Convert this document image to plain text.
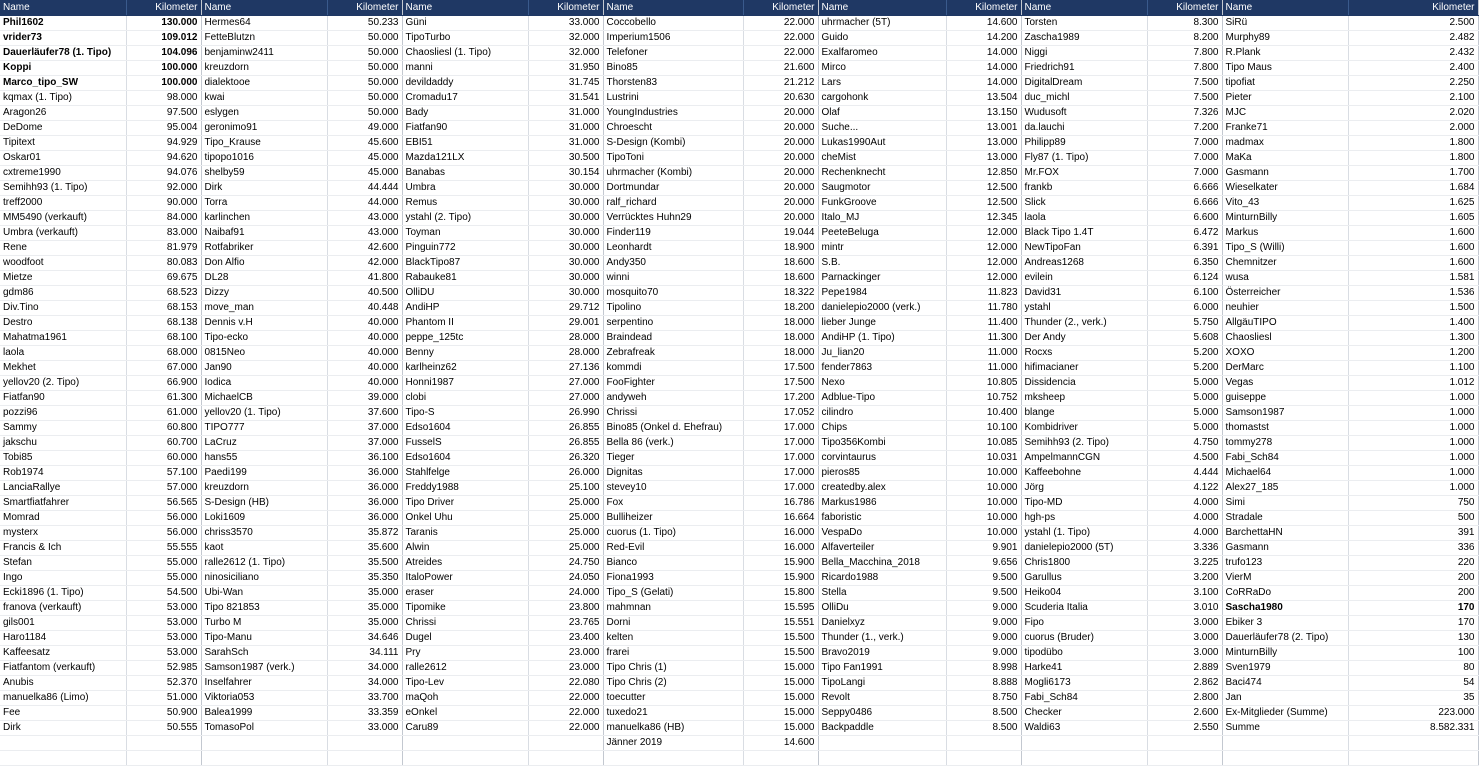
Name	Kilometer	Name	Kilometer	Name	Kilometer	Name	Kilometer	Name	Kilometer	Name	Kilometer	Name	Kilometer
Phil1602	130.000	Hermes64	50.233	Güni	33.000	Coccobello	22.000	uhrmacher (5T)	14.600	Torsten	8.300	SiRü	2.500
vrider73	109.012	FetteBlutzn	50.000	TipoTurbo	32.000	Imperium1506	22.000	Guido	14.200	Zascha1989	8.200	Murphy89	2.482
Dauerläufer78 (1. Tipo)	104.096	benjaminw2411	50.000	Chaosliesl (1. Tipo)	32.000	Telefoner	22.000	Exalfaromeo	14.000	Niggi	7.800	R.Plank	2.432
Koppi	100.000	kreuzdorn	50.000	manni	31.950	Bino85	21.600	Mirco	14.000	Friedrich91	7.800	Tipo Maus	2.400
Marco_tipo_SW	100.000	dialektooe	50.000	devildaddy	31.745	Thorsten83	21.212	Lars	14.000	DigitalDream	7.500	tipofiat	2.250
kqmax (1. Tipo)	98.000	kwai	50.000	Cromadu17	31.541	Lustrini	20.630	cargohonk	13.504	duc_michl	7.500	Pieter	2.100
Aragon26	97.500	eslygen	50.000	Bady	31.000	YoungIndustries	20.000	Olaf	13.150	Wudusoft	7.326	MJC	2.020
DeDome	95.004	geronimo91	49.000	Fiatfan90	31.000	Chroescht	20.000	Suche...	13.001	da.lauchi	7.200	Franke71	2.000
Tipitext	94.929	Tipo_Krause	45.600	EBI51	31.000	S-Design (Kombi)	20.000	Lukas1990Aut	13.000	Philipp89	7.000	madmax	1.800
Oskar01	94.620	tipopo1016	45.000	Mazda121LX	30.500	TipoToni	20.000	cheMist	13.000	Fly87 (1. Tipo)	7.000	MaKa	1.800
cxtreme1990	94.076	shelby59	45.000	Banabas	30.154	uhrmacher (Kombi)	20.000	Rechenknecht	12.850	Mr.FOX	7.000	Gasmann	1.700
Semihh93 (1. Tipo)	92.000	Dirk	44.444	Umbra	30.000	Dortmundar	20.000	Saugmotor	12.500	frankb	6.666	Wieselkater	1.684
treff2000	90.000	Torra	44.000	Remus	30.000	ralf_richard	20.000	FunkGroove	12.500	Slick	6.666	Vito_43	1.625
MM5490 (verkauft)	84.000	karlinchen	43.000	ystahl (2. Tipo)	30.000	Verrücktes Huhn29	20.000	Italo_MJ	12.345	laola	6.600	MinturnBilly	1.605
Umbra (verkauft)	83.000	Naibaf91	43.000	Toyman	30.000	Finder119	19.044	PeeteBeluga	12.000	Black Tipo 1.4T	6.472	Markus	1.600
Rene	81.979	Rotfabriker	42.600	Pinguin772	30.000	Leonhardt	18.900	mintr	12.000	NewTipoFan	6.391	Tipo_S (Willi)	1.600
woodfoot	80.083	Don Alfio	42.000	BlackTipo87	30.000	Andy350	18.600	S.B.	12.000	Andreas1268	6.350	Chemnitzer	1.600
Mietze	69.675	DL28	41.800	Rabauke81	30.000	winni	18.600	Parnackinger	12.000	evilein	6.124	wusa	1.581
gdm86	68.523	Dizzy	40.500	OlliDU	30.000	mosquito70	18.322	Pepe1984	11.823	David31	6.100	Österreicher	1.536
Div.Tino	68.153	move_man	40.448	AndiHP	29.712	Tipolino	18.200	danielepio2000 (verk.)	11.780	ystahl	6.000	neuhier	1.500
Destro	68.138	Dennis v.H	40.000	Phantom II	29.001	serpentino	18.000	lieber Junge	11.400	Thunder (2., verk.)	5.750	AllgäuTIPO	1.400
Mahatma1961	68.100	Tipo-ecko	40.000	peppe_125tc	28.000	Braindead	18.000	AndiHP (1. Tipo)	11.300	Der Andy	5.608	Chaosliesl	1.300
laola	68.000	0815Neo	40.000	Benny	28.000	Zebrafreak	18.000	Ju_lian20	11.000	Rocxs	5.200	XOXO	1.200
Mekhet	67.000	Jan90	40.000	karlheinz62	27.136	kommdi	17.500	fender7863	11.000	hifimacianer	5.200	DerMarc	1.100
yellov20 (2. Tipo)	66.900	Iodica	40.000	Honni1987	27.000	FooFighter	17.500	Nexo	10.805	Dissidencia	5.000	Vegas	1.012
Fiatfan90	61.300	MichaelCB	39.000	clobi	27.000	andyweh	17.200	Adblue-Tipo	10.752	mksheep	5.000	guiseppe	1.000
pozzi96	61.000	yellov20 (1. Tipo)	37.600	Tipo-S	26.990	Chrissi	17.052	cilindro	10.400	blange	5.000	Samson1987	1.000
Sammy	60.800	TIPO777	37.000	Edso1604	26.855	Bino85 (Onkel d. Ehefrau)	17.000	Chips	10.100	Kombidriver	5.000	thomastst	1.000
jakschu	60.700	LaCruz	37.000	FusselS	26.855	Bella 86 (verk.)	17.000	Tipo356Kombi	10.085	Semihh93 (2. Tipo)	4.750	tommy278	1.000
Tobi85	60.000	hans55	36.100	Edso1604	26.320	Tieger	17.000	corvintaurus	10.031	AmpelmannCGN	4.500	Fabi_Sch84	1.000
Rob1974	57.100	Paedi199	36.000	Stahlfelge	26.000	Dignitas	17.000	pieros85	10.000	Kaffeebohne	4.444	Michael64	1.000
LanciaRallye	57.000	kreuzdorn	36.000	Freddy1988	25.100	stevey10	17.000	createdby.alex	10.000	Jörg	4.122	Alex27_185	1.000
Smartfiatfahrer	56.565	S-Design (HB)	36.000	Tipo Driver	25.000	Fox	16.786	Markus1986	10.000	Tipo-MD	4.000	Simi	750
Momrad	56.000	Loki1609	36.000	Onkel Uhu	25.000	Bulliheizer	16.664	faboristic	10.000	hgh-ps	4.000	Stradale	500
mysterx	56.000	chriss3570	35.872	Taranis	25.000	cuorus (1. Tipo)	16.000	VespaDo	10.000	ystahl (1. Tipo)	4.000	BarchettaHN	391
Francis & Ich	55.555	kaot	35.600	Alwin	25.000	Red-Evil	16.000	Alfaverteiler	9.901	danielepio2000 (5T)	3.336	Gasmann	336
Stefan	55.000	ralle2612 (1. Tipo)	35.500	Atreides	24.750	Bianco	15.900	Bella_Macchina_2018	9.656	Chris1800	3.225	trufo123	220
Ingo	55.000	ninosiciliano	35.350	ItaloPower	24.050	Fiona1993	15.900	Ricardo1988	9.500	Garullus	3.200	VierM	200
Ecki1896 (1. Tipo)	54.500	Ubi-Wan	35.000	eraser	24.000	Tipo_S (Gelati)	15.800	Stella	9.500	Heiko04	3.100	CoRRaDo	200
franova (verkauft)	53.000	Tipo 821853	35.000	Tipomike	23.800	mahmnan	15.595	OlliDu	9.000	Scuderia Italia	3.010	Sascha1980	170
gils001	53.000	Turbo M	35.000	Chrissi	23.765	Dorni	15.551	Danielxyz	9.000	Fipo	3.000	Ebiker 3	170
Haro1184	53.000	Tipo-Manu	34.646	Dugel	23.400	kelten	15.500	Thunder (1., verk.)	9.000	cuorus (Bruder)	3.000	Dauerläufer78 (2. Tipo)	130
Kaffeesatz	53.000	SarahSch	34.111	Pry	23.000	frarei	15.500	Bravo2019	9.000	tipodübo	3.000	MinturnBilly	100
Fiatfantom (verkauft)	52.985	Samson1987 (verk.)	34.000	ralle2612	23.000	Tipo Chris (1)	15.000	Tipo Fan1991	8.998	Harke41	2.889	Sven1979	80
Anubis	52.370	Inselfahrer	34.000	Tipo-Lev	22.080	Tipo Chris (2)	15.000	TipoLangi	8.888	Mogli6173	2.862	Baci474	54
manuelka86 (Limo)	51.000	Viktoria053	33.700	maQoh	22.000	toecutter	15.000	Revolt	8.750	Fabi_Sch84	2.800	Jan	35
Fee	50.900	Balea1999	33.359	eOnkel	22.000	tuxedo21	15.000	Seppy0486	8.500	Checker	2.600	Ex-Mitglieder (Summe)	223.000
Dirk	50.555	TomasoPol	33.000	Caru89	22.000	manuelka86 (HB)	15.000	Backpaddle	8.500	Waldi63	2.550	Summe	8.582.331
						Jänner 2019	14.600						
